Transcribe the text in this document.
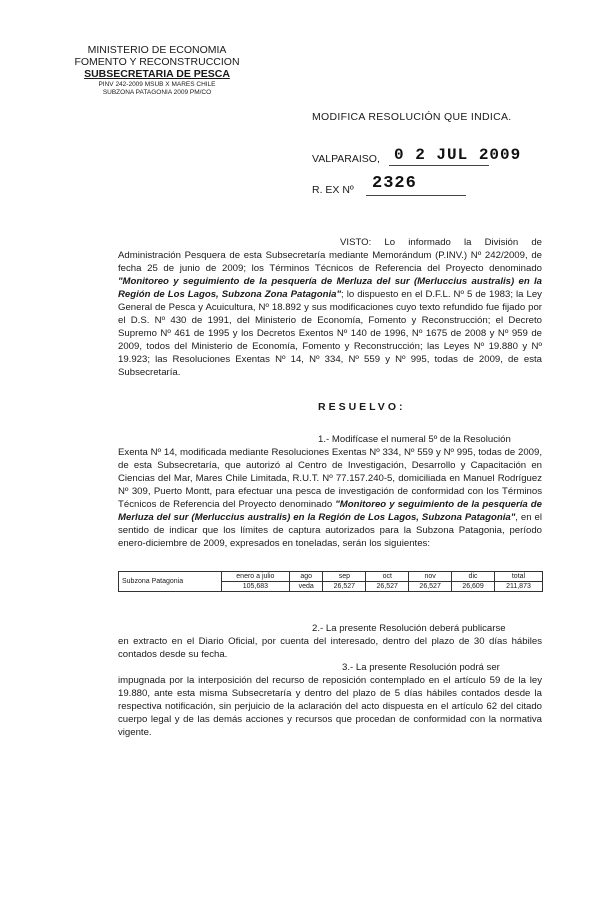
MINISTERIO DE ECONOMIA
FOMENTO Y RECONSTRUCCION
SUBSECRETARIA DE PESCA
PINV 242-2009 MSUB X MARES CHILE
SUBZONA PATAGONIA 2009 PM/CO
MODIFICA RESOLUCIÓN QUE INDICA.
VALPARAISO, 0 2 JUL 2009
R. EX Nº 2326
VISTO: Lo informado la División de Administración Pesquera de esta Subsecretaría mediante Memorándum (P.INV.) Nº 242/2009, de fecha 25 de junio de 2009; los Términos Técnicos de Referencia del Proyecto denominado "Monitoreo y seguimiento de la pesquería de Merluza del sur (Merluccius australis) en la Región de Los Lagos, Subzona Zona Patagonia"; lo dispuesto en el D.F.L. Nº 5 de 1983; la Ley General de Pesca y Acuicultura, Nº 18.892 y sus modificaciones cuyo texto refundido fue fijado por el D.S. Nº 430 de 1991, del Ministerio de Economía, Fomento y Reconstrucción; el Decreto Supremo Nº 461 de 1995 y los Decretos Exentos Nº 140 de 1996, Nº 1675 de 2008 y Nº 959 de 2009, todos del Ministerio de Economía, Fomento y Reconstrucción; las Leyes Nº 19.880 y Nº 19.923; las Resoluciones Exentas Nº 14, Nº 334, Nº 559 y Nº 995, todas de 2009, de esta Subsecretaría.
RESUELVO:
1.- Modifícase el numeral 5º de la Resolución
Exenta Nº 14, modificada mediante Resoluciones Exentas Nº 334, Nº 559 y Nº 995, todas de 2009, de esta Subsecretaría, que autorizó al Centro de Investigación, Desarrollo y Capacitación en Ciencias del Mar, Mares Chile Limitada, R.U.T. Nº 77.157.240-5, domiciliada en Manuel Rodríguez Nº 309, Puerto Montt, para efectuar una pesca de investigación de conformidad con los Términos Técnicos de Referencia del Proyecto denominado "Monitoreo y seguimiento de la pesquería de Merluza del sur (Merluccius australis) en la Región de Los Lagos, Subzona Patagonia", en el sentido de indicar que los límites de captura autorizados para la Subzona Patagonia, período enero-diciembre de 2009, expresados en toneladas, serán los siguientes:
Subzona Patagonia	enero a julio	ago	sep	oct	nov	dic	total
	105,683	veda	26,527	26,527	26,527	26,609	211,873
2.- La presente Resolución deberá publicarse
en extracto en el Diario Oficial, por cuenta del interesado, dentro del plazo de 30 días hábiles contados desde su fecha.
3.- La presente Resolución podrá ser
impugnada por la interposición del recurso de reposición contemplado en el artículo 59 de la ley 19.880, ante esta misma Subsecretaría y dentro del plazo de 5 días hábiles contados desde la respectiva notificación, sin perjuicio de la aclaración del acto dispuesta en el artículo 62 del citado cuerpo legal y de las demás acciones y recursos que procedan de conformidad con la normativa vigente.
